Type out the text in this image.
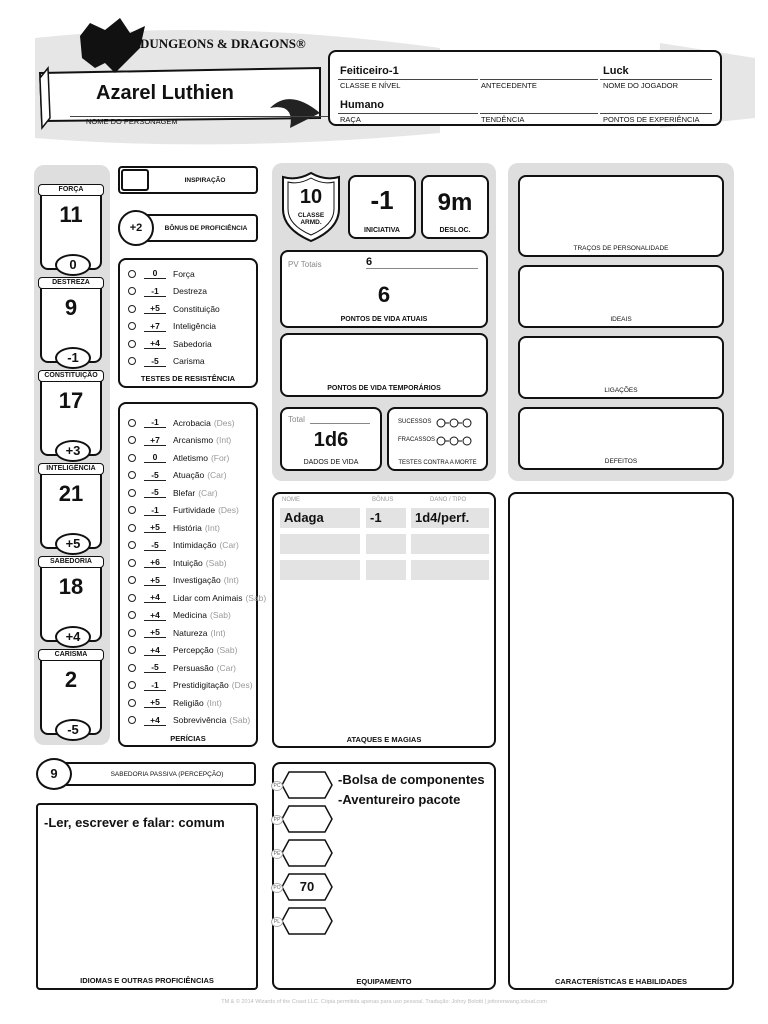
DUNGEONS & DRAGONS®
Azarel Luthien
NOME DO PERSONAGEM
Feiticeiro-1
CLASSE E NÍVEL	ANTECEDENTE
Luck
NOME DO JOGADOR
Humano
RAÇA	TENDÊNCIA	PONTOS DE EXPERIÊNCIA
FORÇA
11
0
DESTREZA
9
-1
CONSTITUIÇÃO
17
+3
INTELIGÊNCIA
21
+5
SABEDORIA
18
+4
CARISMA
2
-5
INSPIRAÇÃO
+2	BÔNUS DE PROFICIÊNCIA
0	Força
-1	Destreza
+5	Constituição
+7	Inteligência
+4	Sabedoria
-5	Carisma
TESTES DE RESISTÊNCIA
-1	Acrobacia (Des)
+7	Arcanismo (Int)
0	Atletismo (For)
-5	Atuação (Car)
-5	Blefar (Car)
-1	Furtividade (Des)
+5	História (Int)
-5	Intimidação (Car)
+6	Intuição (Sab)
+5	Investigação (Int)
+4	Lidar com Animais (Sab)
+4	Medicina (Sab)
+5	Natureza (Int)
+4	Percepção (Sab)
-5	Persuasão (Car)
-1	Prestidigitação (Des)
+5	Religião (Int)
+4	Sobrevivência (Sab)
PERÍCIAS
9	SABEDORIA PASSIVA (PERCEPÇÃO)
-Ler, escrever e falar: comum
IDIOMAS E OUTRAS PROFICIÊNCIAS
10
CLASSE ARMD.
-1
INICIATIVA
9m
DESLOC.
PV Totais	6
6
PONTOS DE VIDA ATUAIS
PONTOS DE VIDA TEMPORÁRIOS
Total
1d6
DADOS DE VIDA
SUCESSOS
FRACASSOS
TESTES CONTRA A MORTE
NOME	BÔNUS	DANO / TIPO
Adaga	-1	1d4/perf.
ATAQUES E MAGIAS
-Bolsa de componentes -Aventureiro pacote
EQUIPAMENTO
PC
PP
PE
PO	70
PL
TRAÇOS DE PERSONALIDADE
IDEAIS
LIGAÇÕES
DEFEITOS
CARACTERÍSTICAS E HABILIDADES
TM & © 2014 Wizards of the Coast LLC. Cópia permitida apenas para uso pessoal. Tradução: Johny Bolotti | jottorenwang.icloud.com
